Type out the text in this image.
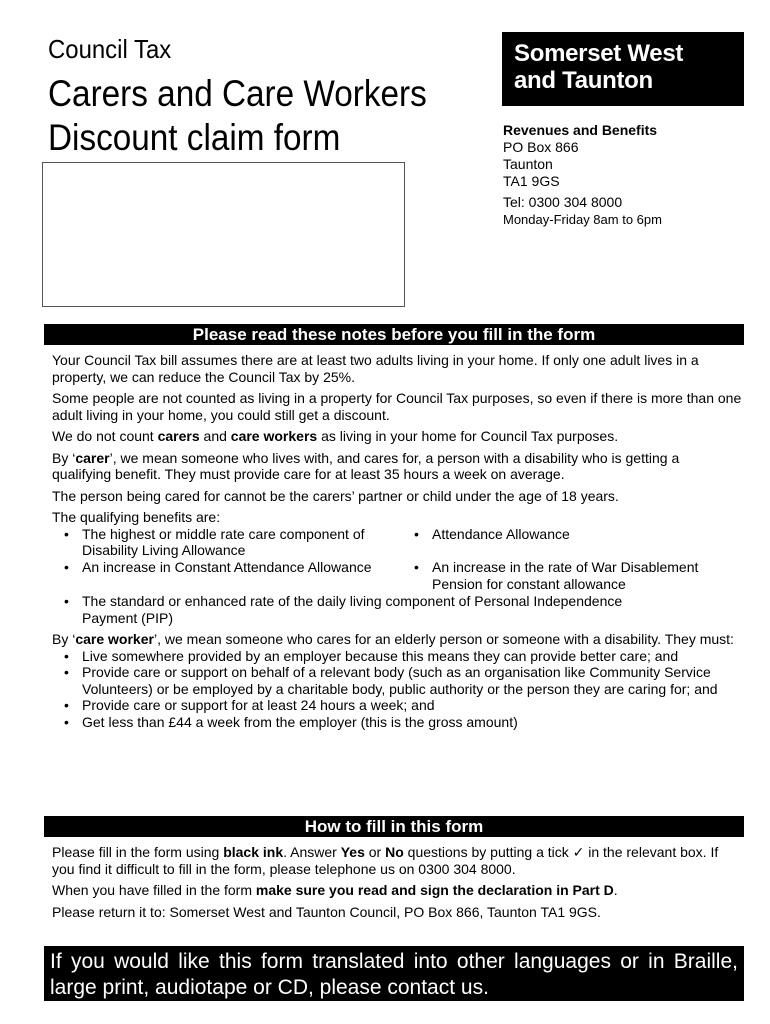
Council Tax
Carers and Care Workers
Discount claim form
Somerset West
and Taunton
Revenues and Benefits
PO Box 866
Taunton
TA1 9GS
Tel: 0300 304 8000
Monday-Friday 8am to 6pm
Please read these notes before you fill in the form

Your Council Tax bill assumes there are at least two adults living in your home. If only one adult lives in a property, we can reduce the Council Tax by 25%.

Some people are not counted as living in a property for Council Tax purposes, so even if there is more than one adult living in your home, you could still get a discount.

We do not count carers and care workers as living in your home for Council Tax purposes.

By ‘carer’, we mean someone who lives with, and cares for, a person with a disability who is getting a qualifying benefit. They must provide care for at least 35 hours a week on average.

The person being cared for cannot be the carers’ partner or child under the age of 18 years.

The qualifying benefits are:
• The highest or middle rate care component of Disability Living Allowance
• An increase in Constant Attendance Allowance
• Attendance Allowance
• An increase in the rate of War Disablement Pension for constant allowance
• The standard or enhanced rate of the daily living component of Personal Independence Payment (PIP)

By ‘care worker’, we mean someone who cares for an elderly person or someone with a disability. They must:

• Live somewhere provided by an employer because this means they can provide better care; and
• Provide care or support on behalf of a relevant body (such as an organisation like Community Service Volunteers) or be employed by a charitable body, public authority or the person they are caring for; and
• Provide care or support for at least 24 hours a week; and
• Get less than £44 a week from the employer (this is the gross amount)
How to fill in this form

Please fill in the form using black ink. Answer Yes or No questions by putting a tick ✓ in the relevant box. If you find it difficult to fill in the form, please telephone us on 0300 304 8000.

When you have filled in the form make sure you read and sign the declaration in Part D.

Please return it to: Somerset West and Taunton Council, PO Box 866, Taunton TA1 9GS.

If you would like this form translated into other languages or in Braille, large print, audiotape or CD, please contact us.
